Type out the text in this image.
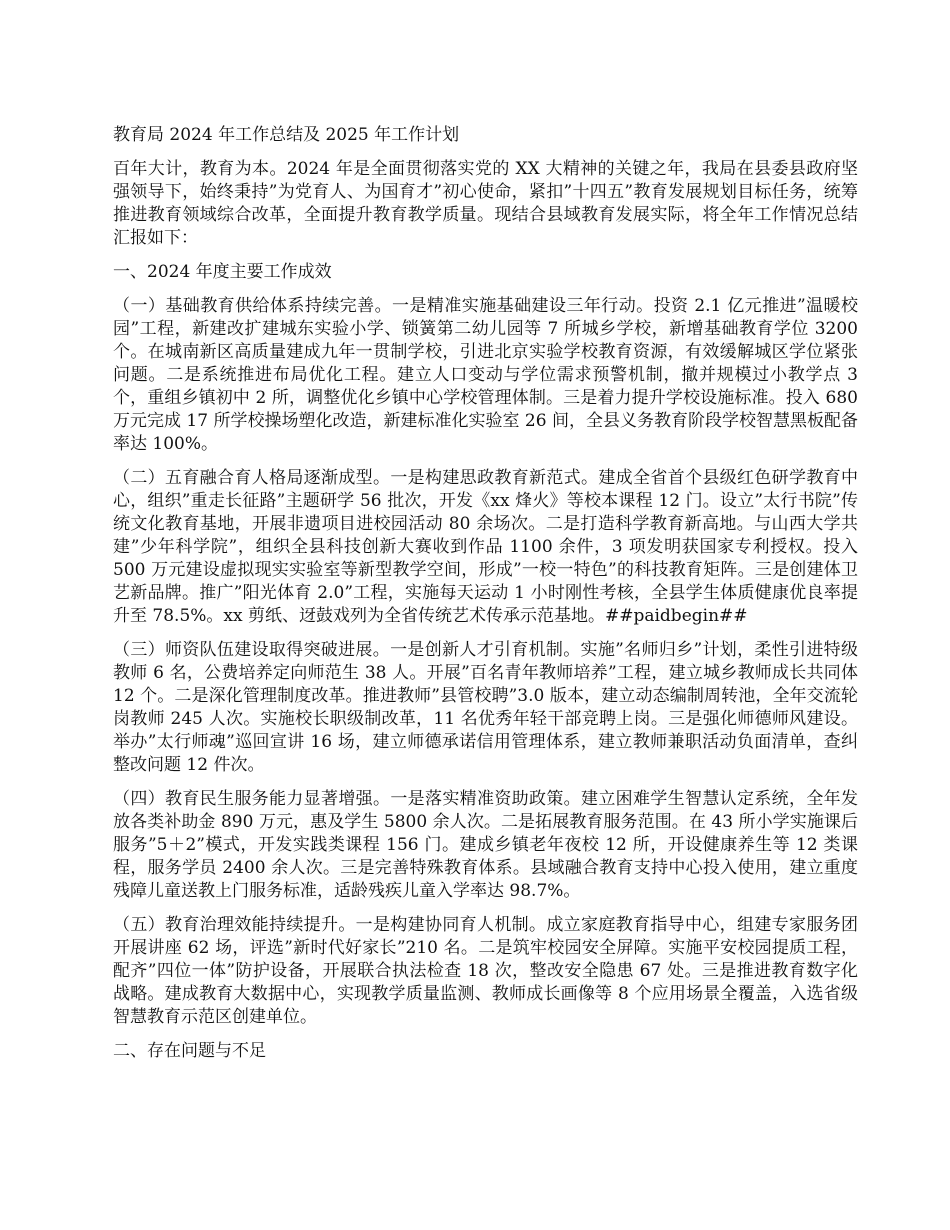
教育局 2024 年工作总结及 2025 年工作计划

百年大计，教育为本。2024 年是全面贯彻落实党的 XX 大精神的关键之年，我局在县委县政府坚强领导下，始终秉持”为党育人、为国育才”初心使命，紧扣”十四五”教育发展规划目标任务，统筹推进教育领域综合改革，全面提升教育教学质量。现结合县域教育发展实际，将全年工作情况总结汇报如下：

一、2024 年度主要工作成效

（一）基础教育供给体系持续完善。一是精准实施基础建设三年行动。投资 2.1 亿元推进”温暖校园”工程，新建改扩建城东实验小学、锁簧第二幼儿园等 7 所城乡学校，新增基础教育学位 3200 个。在城南新区高质量建成九年一贯制学校，引进北京实验学校教育资源，有效缓解城区学位紧张问题。二是系统推进布局优化工程。建立人口变动与学位需求预警机制，撤并规模过小教学点 3 个，重组乡镇初中 2 所，调整优化乡镇中心学校管理体制。三是着力提升学校设施标准。投入 680 万元完成 17 所学校操场塑化改造，新建标准化实验室 26 间，全县义务教育阶段学校智慧黑板配备率达 100%。

（二）五育融合育人格局逐渐成型。一是构建思政教育新范式。建成全省首个县级红色研学教育中心，组织”重走长征路”主题研学 56 批次，开发《xx 烽火》等校本课程 12 门。设立”太行书院”传统文化教育基地，开展非遗项目进校园活动 80 余场次。二是打造科学教育新高地。与山西大学共建”少年科学院”，组织全县科技创新大赛收到作品 1100 余件，3 项发明获国家专利授权。投入 500 万元建设虚拟现实实验室等新型教学空间，形成”一校一特色”的科技教育矩阵。三是创建体卫艺新品牌。推广”阳光体育 2.0”工程，实施每天运动 1 小时刚性考核，全县学生体质健康优良率提升至 78.5%。xx 剪纸、迓鼓戏列为全省传统艺术传承示范基地。##paidbegin##

（三）师资队伍建设取得突破进展。一是创新人才引育机制。实施”名师归乡”计划，柔性引进特级教师 6 名，公费培养定向师范生 38 人。开展”百名青年教师培养”工程，建立城乡教师成长共同体 12 个。二是深化管理制度改革。推进教师”县管校聘”3.0 版本，建立动态编制周转池，全年交流轮岗教师 245 人次。实施校长职级制改革，11 名优秀年轻干部竞聘上岗。三是强化师德师风建设。举办”太行师魂”巡回宣讲 16 场，建立师德承诺信用管理体系，建立教师兼职活动负面清单，查纠整改问题 12 件次。

（四）教育民生服务能力显著增强。一是落实精准资助政策。建立困难学生智慧认定系统，全年发放各类补助金 890 万元，惠及学生 5800 余人次。二是拓展教育服务范围。在 43 所小学实施课后服务”5＋2”模式，开发实践类课程 156 门。建成乡镇老年夜校 12 所，开设健康养生等 12 类课程，服务学员 2400 余人次。三是完善特殊教育体系。县域融合教育支持中心投入使用，建立重度残障儿童送教上门服务标准，适龄残疾儿童入学率达 98.7%。

（五）教育治理效能持续提升。一是构建协同育人机制。成立家庭教育指导中心，组建专家服务团开展讲座 62 场，评选”新时代好家长”210 名。二是筑牢校园安全屏障。实施平安校园提质工程，配齐”四位一体”防护设备，开展联合执法检查 18 次，整改安全隐患 67 处。三是推进教育数字化战略。建成教育大数据中心，实现教学质量监测、教师成长画像等 8 个应用场景全覆盖，入选省级智慧教育示范区创建单位。

二、存在问题与不足
